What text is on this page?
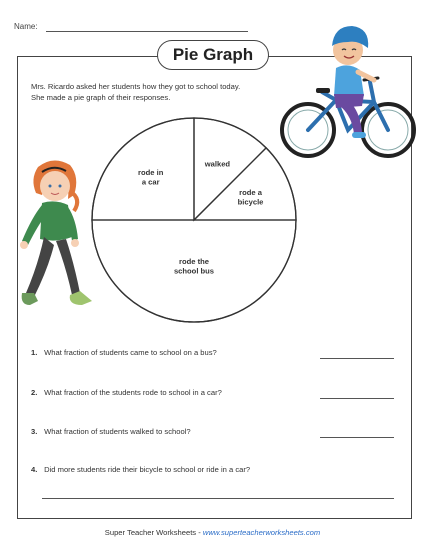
Name:
Pie Graph
Mrs. Ricardo asked her students how they got to school today.
She made a pie graph of their responses.
rode in a car
walked
rode a bicycle
rode the school bus
1. What fraction of students came to school on a bus?
2. What fraction of the students rode to school in a car?
3. What fraction of students walked to school?
4. Did more students ride their bicycle to school or ride in a car?
Super Teacher Worksheets - www.superteacherworksheets.com
